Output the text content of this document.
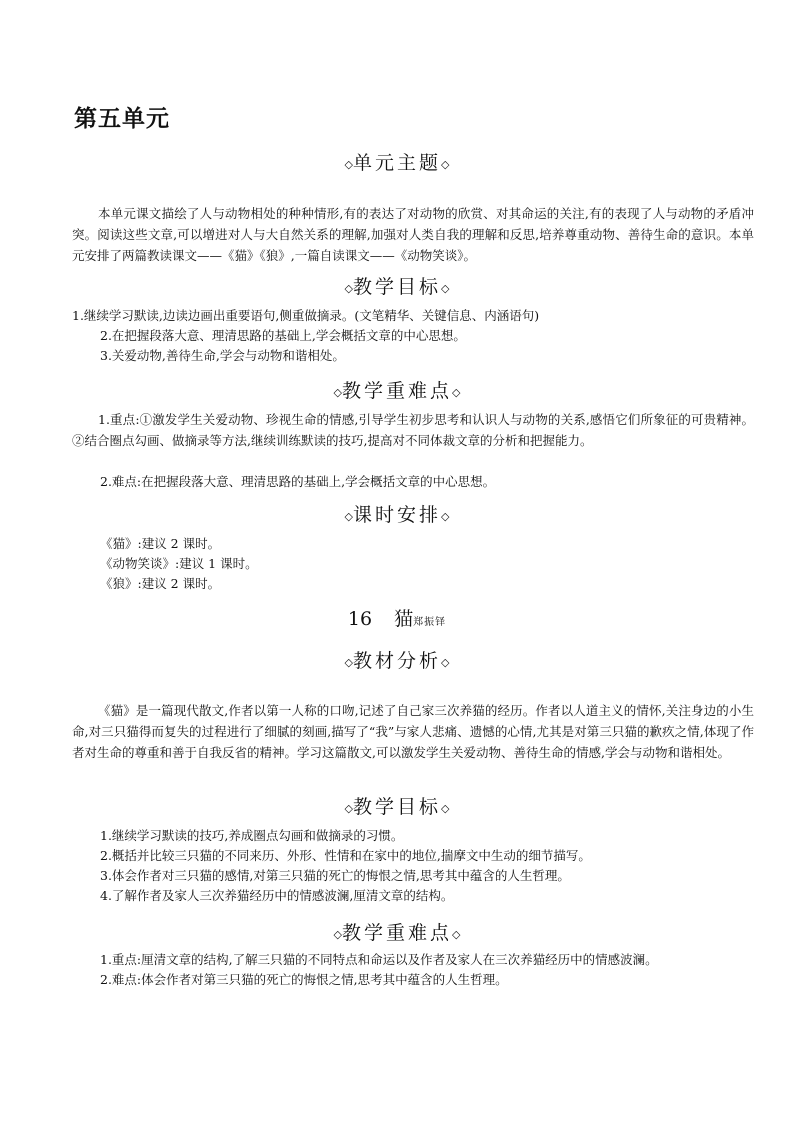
第五单元
◇单元主题◇
本单元课文描绘了人与动物相处的种种情形,有的表达了对动物的欣赏、对其命运的关注,有的表现了人与动物的矛盾冲突。阅读这些文章,可以增进对人与大自然关系的理解,加强对人类自我的理解和反思,培养尊重动物、善待生命的意识。本单元安排了两篇教读课文——《猫》《狼》,一篇自读课文——《动物笑谈》。
◇教学目标◇
1.继续学习默读,边读边画出重要语句,侧重做摘录。(文笔精华、关键信息、内涵语句)
2.在把握段落大意、理清思路的基础上,学会概括文章的中心思想。
3.关爱动物,善待生命,学会与动物和谐相处。
◇教学重难点◇
1.重点:①激发学生关爱动物、珍视生命的情感,引导学生初步思考和认识人与动物的关系,感悟它们所象征的可贵精神。②结合圈点勾画、做摘录等方法,继续训练默读的技巧,提高对不同体裁文章的分析和把握能力。
2.难点:在把握段落大意、理清思路的基础上,学会概括文章的中心思想。
◇课时安排◇
《猫》:建议 2 课时。
《动物笑谈》:建议 1 课时。
《狼》:建议 2 课时。
16 猫郑振铎
◇教材分析◇
《猫》是一篇现代散文,作者以第一人称的口吻,记述了自己家三次养猫的经历。作者以人道主义的情怀,关注身边的小生命,对三只猫得而复失的过程进行了细腻的刻画,描写了“我”与家人悲痛、遗憾的心情,尤其是对第三只猫的歉疚之情,体现了作者对生命的尊重和善于自我反省的精神。学习这篇散文,可以激发学生关爱动物、善待生命的情感,学会与动物和谐相处。
◇教学目标◇
1.继续学习默读的技巧,养成圈点勾画和做摘录的习惯。
2.概括并比较三只猫的不同来历、外形、性情和在家中的地位,揣摩文中生动的细节描写。
3.体会作者对三只猫的感情,对第三只猫的死亡的悔恨之情,思考其中蕴含的人生哲理。
4.了解作者及家人三次养猫经历中的情感波澜,厘清文章的结构。
◇教学重难点◇
1.重点:厘清文章的结构,了解三只猫的不同特点和命运以及作者及家人在三次养猫经历中的情感波澜。
2.难点:体会作者对第三只猫的死亡的悔恨之情,思考其中蕴含的人生哲理。
